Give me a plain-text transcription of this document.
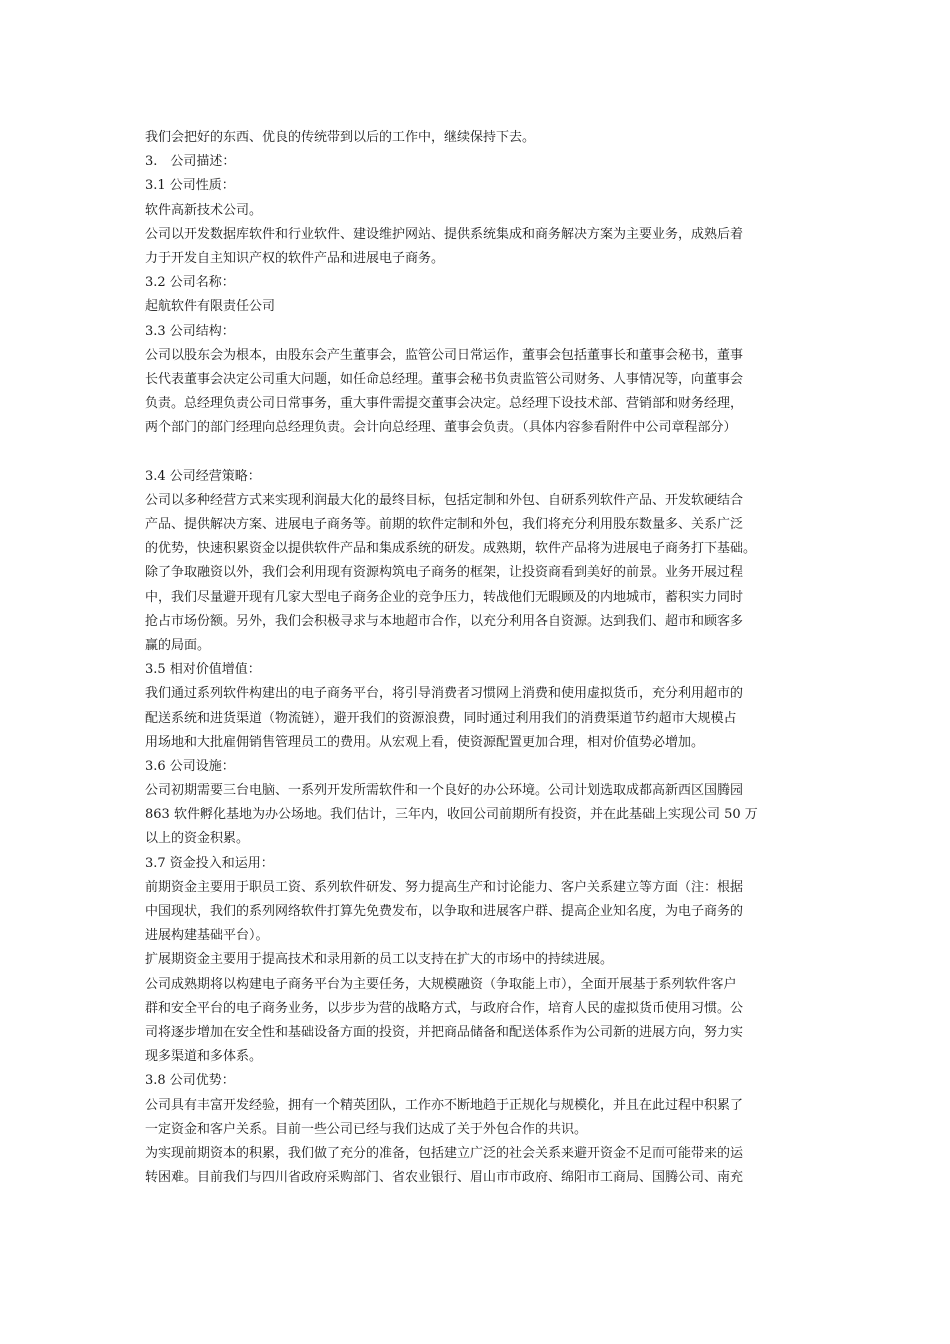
我们会把好的东西、优良的传统带到以后的工作中，继续保持下去。
3.　公司描述：
3.1 公司性质：
软件高新技术公司。
公司以开发数据库软件和行业软件、建设维护网站、提供系统集成和商务解决方案为主要业务，成熟后着
力于开发自主知识产权的软件产品和进展电子商务。
3.2 公司名称：
起航软件有限责任公司
3.3 公司结构：
公司以股东会为根本，由股东会产生董事会，监管公司日常运作，董事会包括董事长和董事会秘书，董事
长代表董事会决定公司重大问题，如任命总经理。董事会秘书负责监管公司财务、人事情况等，向董事会
负责。总经理负责公司日常事务，重大事件需提交董事会决定。总经理下设技术部、营销部和财务经理，
两个部门的部门经理向总经理负责。会计向总经理、董事会负责。（具体内容参看附件中公司章程部分）
3.4 公司经营策略：
公司以多种经营方式来实现利润最大化的最终目标，包括定制和外包、自研系列软件产品、开发软硬结合
产品、提供解决方案、进展电子商务等。前期的软件定制和外包，我们将充分利用股东数量多、关系广泛
的优势，快速积累资金以提供软件产品和集成系统的研发。成熟期，软件产品将为进展电子商务打下基础。
除了争取融资以外，我们会利用现有资源构筑电子商务的框架，让投资商看到美好的前景。业务开展过程
中，我们尽量避开现有几家大型电子商务企业的竞争压力，转战他们无暇顾及的内地城市，蓄积实力同时
抢占市场份额。另外，我们会积极寻求与本地超市合作，以充分利用各自资源。达到我们、超市和顾客多
赢的局面。
3.5 相对价值增值：
我们通过系列软件构建出的电子商务平台，将引导消费者习惯网上消费和使用虚拟货币，充分利用超市的
配送系统和进货渠道（物流链），避开我们的资源浪费，同时通过利用我们的消费渠道节约超市大规模占
用场地和大批雇佣销售管理员工的费用。从宏观上看，使资源配置更加合理，相对价值势必增加。
3.6 公司设施：
公司初期需要三台电脑、一系列开发所需软件和一个良好的办公环境。公司计划选取成都高新西区国腾园
863 软件孵化基地为办公场地。我们估计，三年内，收回公司前期所有投资，并在此基础上实现公司 50 万
以上的资金积累。
3.7 资金投入和运用：
前期资金主要用于职员工资、系列软件研发、努力提高生产和讨论能力、客户关系建立等方面（注：根据
中国现状，我们的系列网络软件打算先免费发布，以争取和进展客户群、提高企业知名度，为电子商务的
进展构建基础平台）。
扩展期资金主要用于提高技术和录用新的员工以支持在扩大的市场中的持续进展。
公司成熟期将以构建电子商务平台为主要任务，大规模融资（争取能上市），全面开展基于系列软件客户
群和安全平台的电子商务业务，以步步为营的战略方式，与政府合作，培育人民的虚拟货币使用习惯。公
司将逐步增加在安全性和基础设备方面的投资，并把商品储备和配送体系作为公司新的进展方向，努力实
现多渠道和多体系。
3.8 公司优势：
公司具有丰富开发经验，拥有一个精英团队，工作亦不断地趋于正规化与规模化，并且在此过程中积累了
一定资金和客户关系。目前一些公司已经与我们达成了关于外包合作的共识。
为实现前期资本的积累，我们做了充分的准备，包括建立广泛的社会关系来避开资金不足而可能带来的运
转困难。目前我们与四川省政府采购部门、省农业银行、眉山市市政府、绵阳市工商局、国腾公司、南充
